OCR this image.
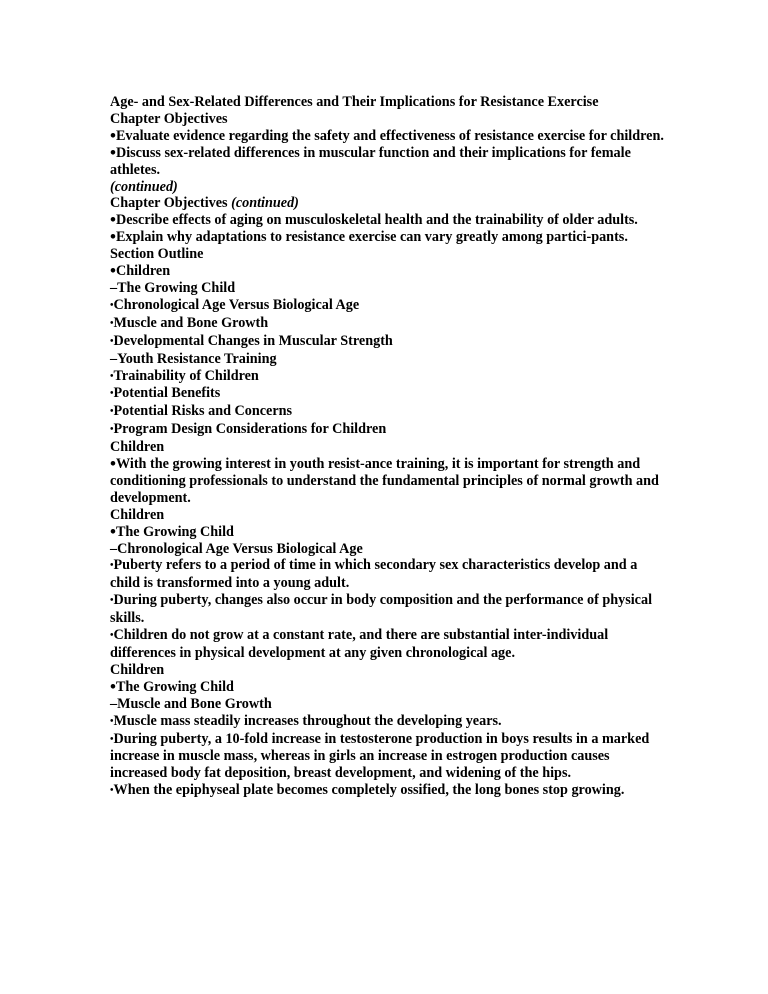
Age- and Sex-Related Differences and Their Implications for Resistance Exercise
Chapter Objectives
•Evaluate evidence regarding the safety and effectiveness of resistance exercise for children.
•Discuss sex-related differences in muscular function and their implications for female athletes.
(continued)
Chapter Objectives (continued)
•Describe effects of aging on musculoskeletal health and the trainability of older adults.
•Explain why adaptations to resistance exercise can vary greatly among partici-pants.
Section Outline
•Children
–The Growing Child
•Chronological Age Versus Biological Age
•Muscle and Bone Growth
•Developmental Changes in Muscular Strength
–Youth Resistance Training
•Trainability of Children
•Potential Benefits
•Potential Risks and Concerns
•Program Design Considerations for Children
Children
•With the growing interest in youth resist-ance training, it is important for strength and conditioning professionals to understand the fundamental principles of normal growth and development.
Children
•The Growing Child
–Chronological Age Versus Biological Age
•Puberty refers to a period of time in which secondary sex characteristics develop and a child is transformed into a young adult.
•During puberty, changes also occur in body composition and the performance of physical skills.
•Children do not grow at a constant rate, and there are substantial inter-individual differences in physical development at any given chronological age.
Children
•The Growing Child
–Muscle and Bone Growth
•Muscle mass steadily increases throughout the developing years.
•During puberty, a 10-fold increase in testosterone production in boys results in a marked increase in muscle mass, whereas in girls an increase in estrogen production causes increased body fat deposition, breast development, and widening of the hips.
•When the epiphyseal plate becomes completely ossified, the long bones stop growing.
